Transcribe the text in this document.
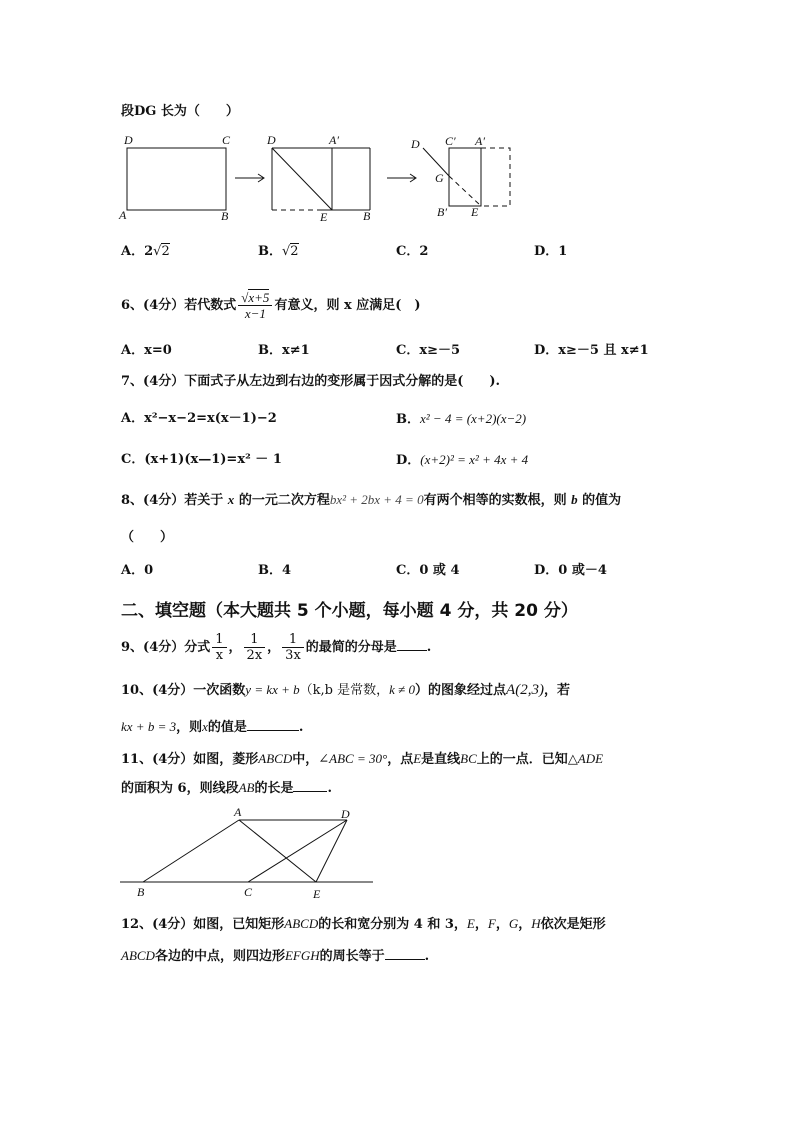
段DG 长为（　　）
D	C
A	B
D	A′
E	B
D C′ A′
G
B′ E
A．2√2	B．√2	C．2	D．1
6、(4分）若代数式 $\frac{√x+5}{x-1}$ 有意义，则 x 应满足(　)
A．x=0	B．x≠1	C．x≥－5	D．x≥－5 且 x≠1
7、(4分）下面式子从左边到右边的变形属于因式分解的是(　　).
A．x²−x−2=x(x－1)−2	B．x² − 4 = (x+2)(x−2)
C．(x+1)(x—1)=x² － 1	D．(x+2)² = x² + 4x + 4
8、(4分）若关于 x 的一元二次方程bx² + 2bx + 4 = 0有两个相等的实数根，则 b 的值为
（　　）
A．0	B．4	C．0 或 4	D．0 或－4
二、填空题（本大题共 5 个小题，每小题 4 分，共 20 分）
9、(4分）分式 $\frac{1}{x}$ ， $\frac{1}{2x}$ ， $\frac{1}{3x}$ 的最简的分母是 .
10、(4分）一次函数y = kx + b（k,b 是常数，k ≠ 0）的图象经过点A(2,3)，若
kx + b = 3，则x的值是	.
11、(4分）如图，菱形ABCD中，∠ABC = 30°，点E是直线BC上的一点．已知△ADE
的面积为 6，则线段AB的长是	.
A	D
B	C	E
12、(4分）如图，已知矩形ABCD的长和宽分别为 4 和 3，E，F，G，H依次是矩形
ABCD各边的中点，则四边形EFGH的周长等于	.
